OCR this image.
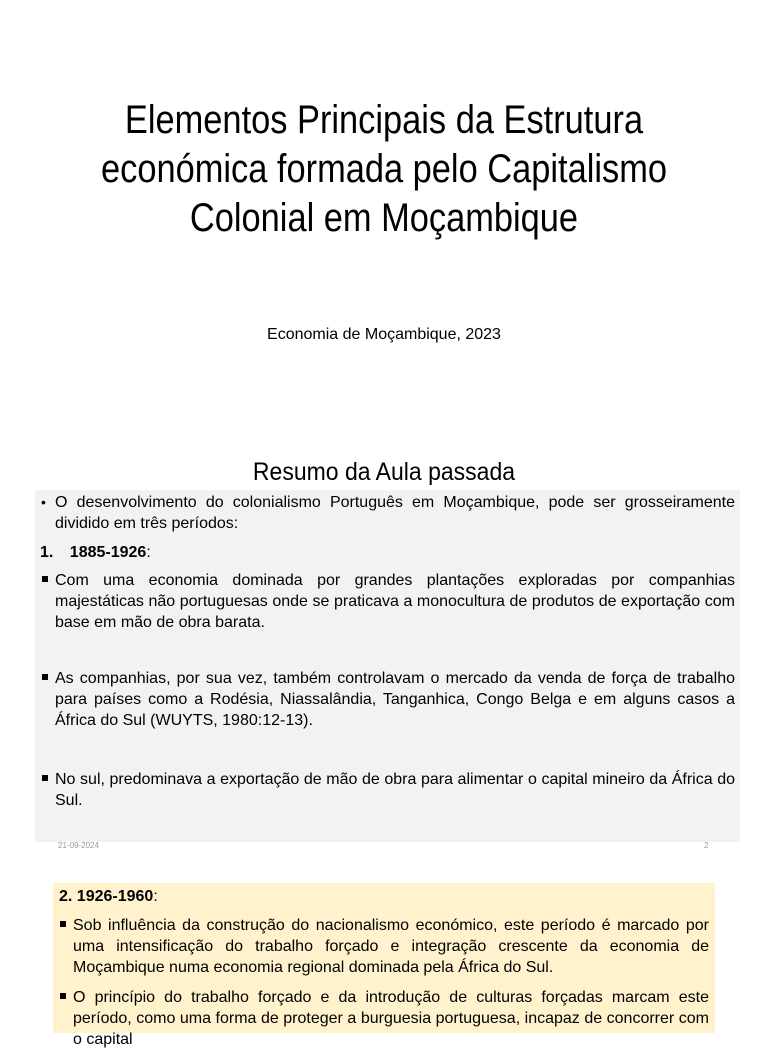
Elementos Principais da Estrutura económica formada pelo Capitalismo Colonial em Moçambique
Economia de Moçambique, 2023
Resumo da Aula passada
• O desenvolvimento do colonialismo Português em Moçambique, pode ser grosseiramente dividido em três períodos:
1. 1885-1926:
Com uma economia dominada por grandes plantações exploradas por companhias majestáticas não portuguesas onde se praticava a monocultura de produtos de exportação com base em mão de obra barata.
As companhias, por sua vez, também controlavam o mercado da venda de força de trabalho para países como a Rodésia, Niassalândia, Tanganhica, Congo Belga e em alguns casos a África do Sul (WUYTS, 1980:12-13).
No sul, predominava a exportação de mão de obra para alimentar o capital mineiro da África do Sul.
21-09-2024	2
2. 1926-1960:
Sob influência da construção do nacionalismo económico, este período é marcado por uma intensificação do trabalho forçado e integração crescente da economia de Moçambique numa economia regional dominada pela África do Sul.
O princípio do trabalho forçado e da introdução de culturas forçadas marcam este período, como uma forma de proteger a burguesia portuguesa, incapaz de concorrer com o capital
